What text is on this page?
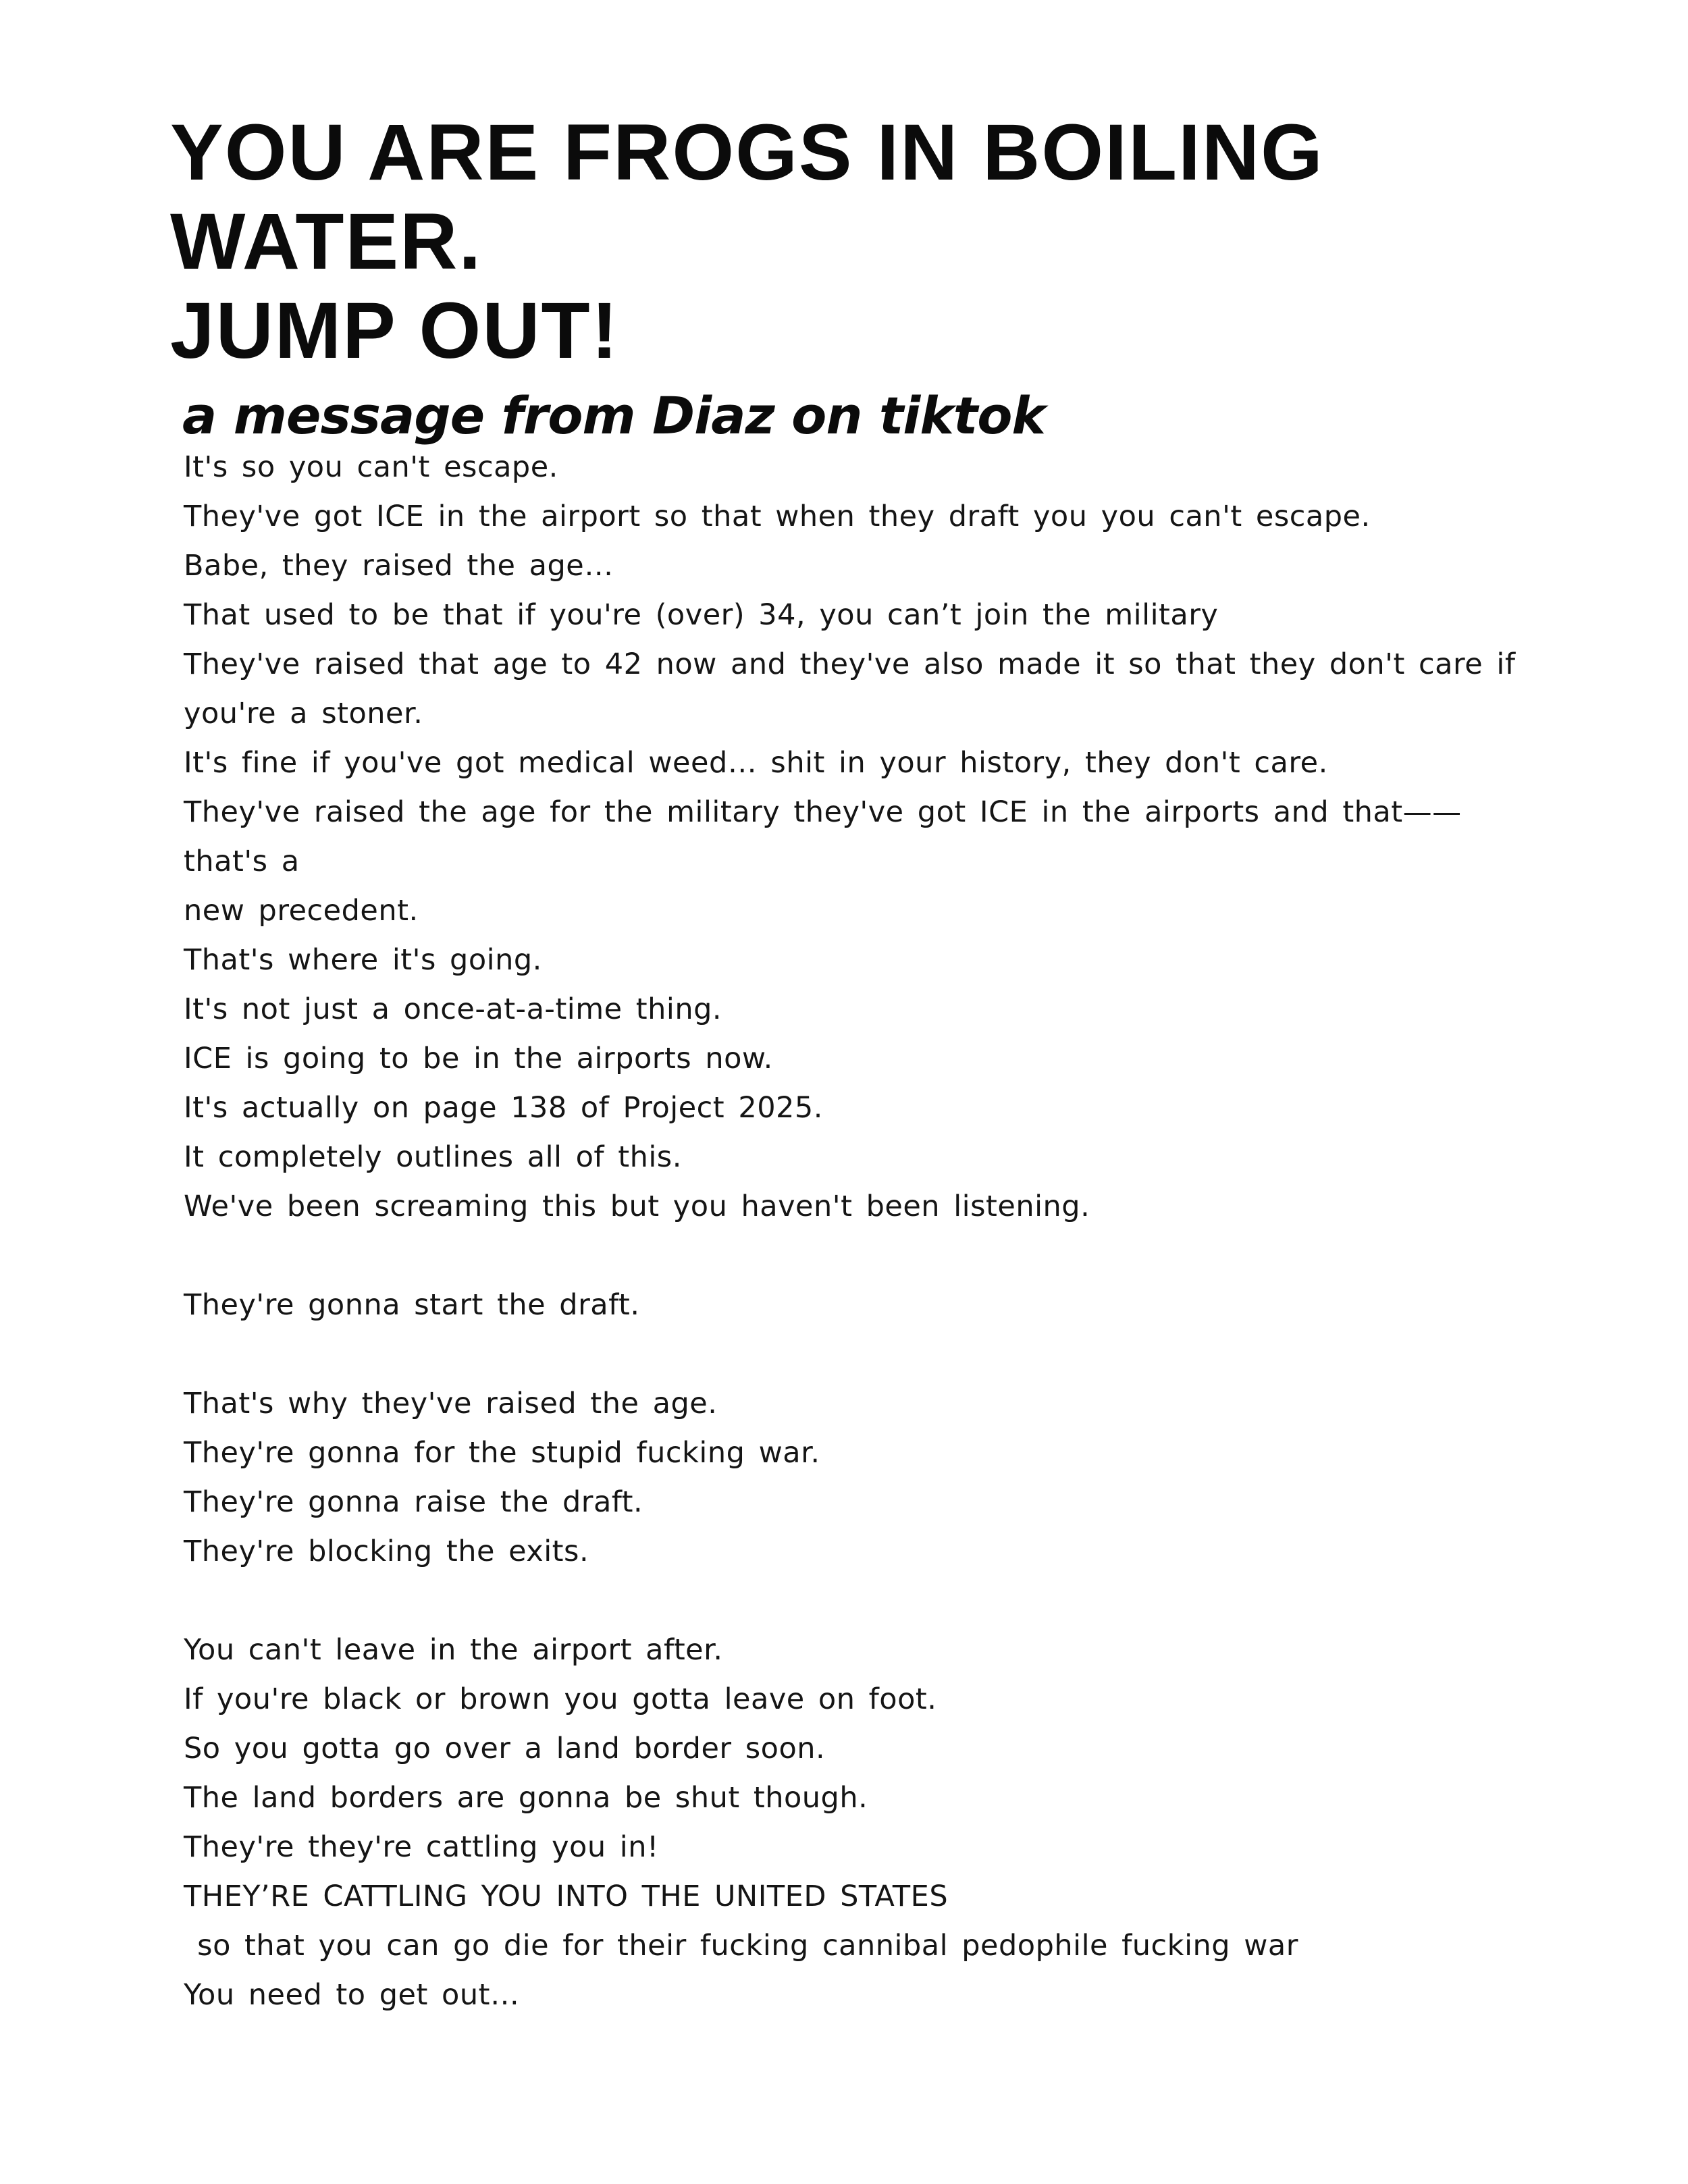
YOU ARE FROGS IN BOILING WATER.
JUMP OUT!
a message from Diaz on tiktok
It's so you can't escape.
They've got ICE in the airport so that when they draft you you can't escape.
Babe, they raised the age…
That used to be that if you're (over) 34, you can’t join the military
They've raised that age to 42 now and they've also made it so that they don't care if
you're a stoner.
It's fine if you've got medical weed… shit in your history, they don't care.
They've raised the age for the military they've got ICE in the airports and that—— that's a
new precedent.
That's where it's going.
It's not just a once-at-a-time thing.
ICE is going to be in the airports now.
It's actually on page 138 of Project 2025.
It completely outlines all of this.
We've been screaming this but you haven't been listening.
They're gonna start the draft.
That's why they've raised the age.
They're gonna for the stupid fucking war.
They're gonna raise the draft.
They're blocking the exits.
You can't leave in the airport after.
If you're black or brown you gotta leave on foot.
So you gotta go over a land border soon.
The land borders are gonna be shut though.
They're they're cattling you in!
THEY’RE CATTLING YOU INTO THE UNITED STATES
so that you can go die for their fucking cannibal pedophile fucking war
You need to get out…
